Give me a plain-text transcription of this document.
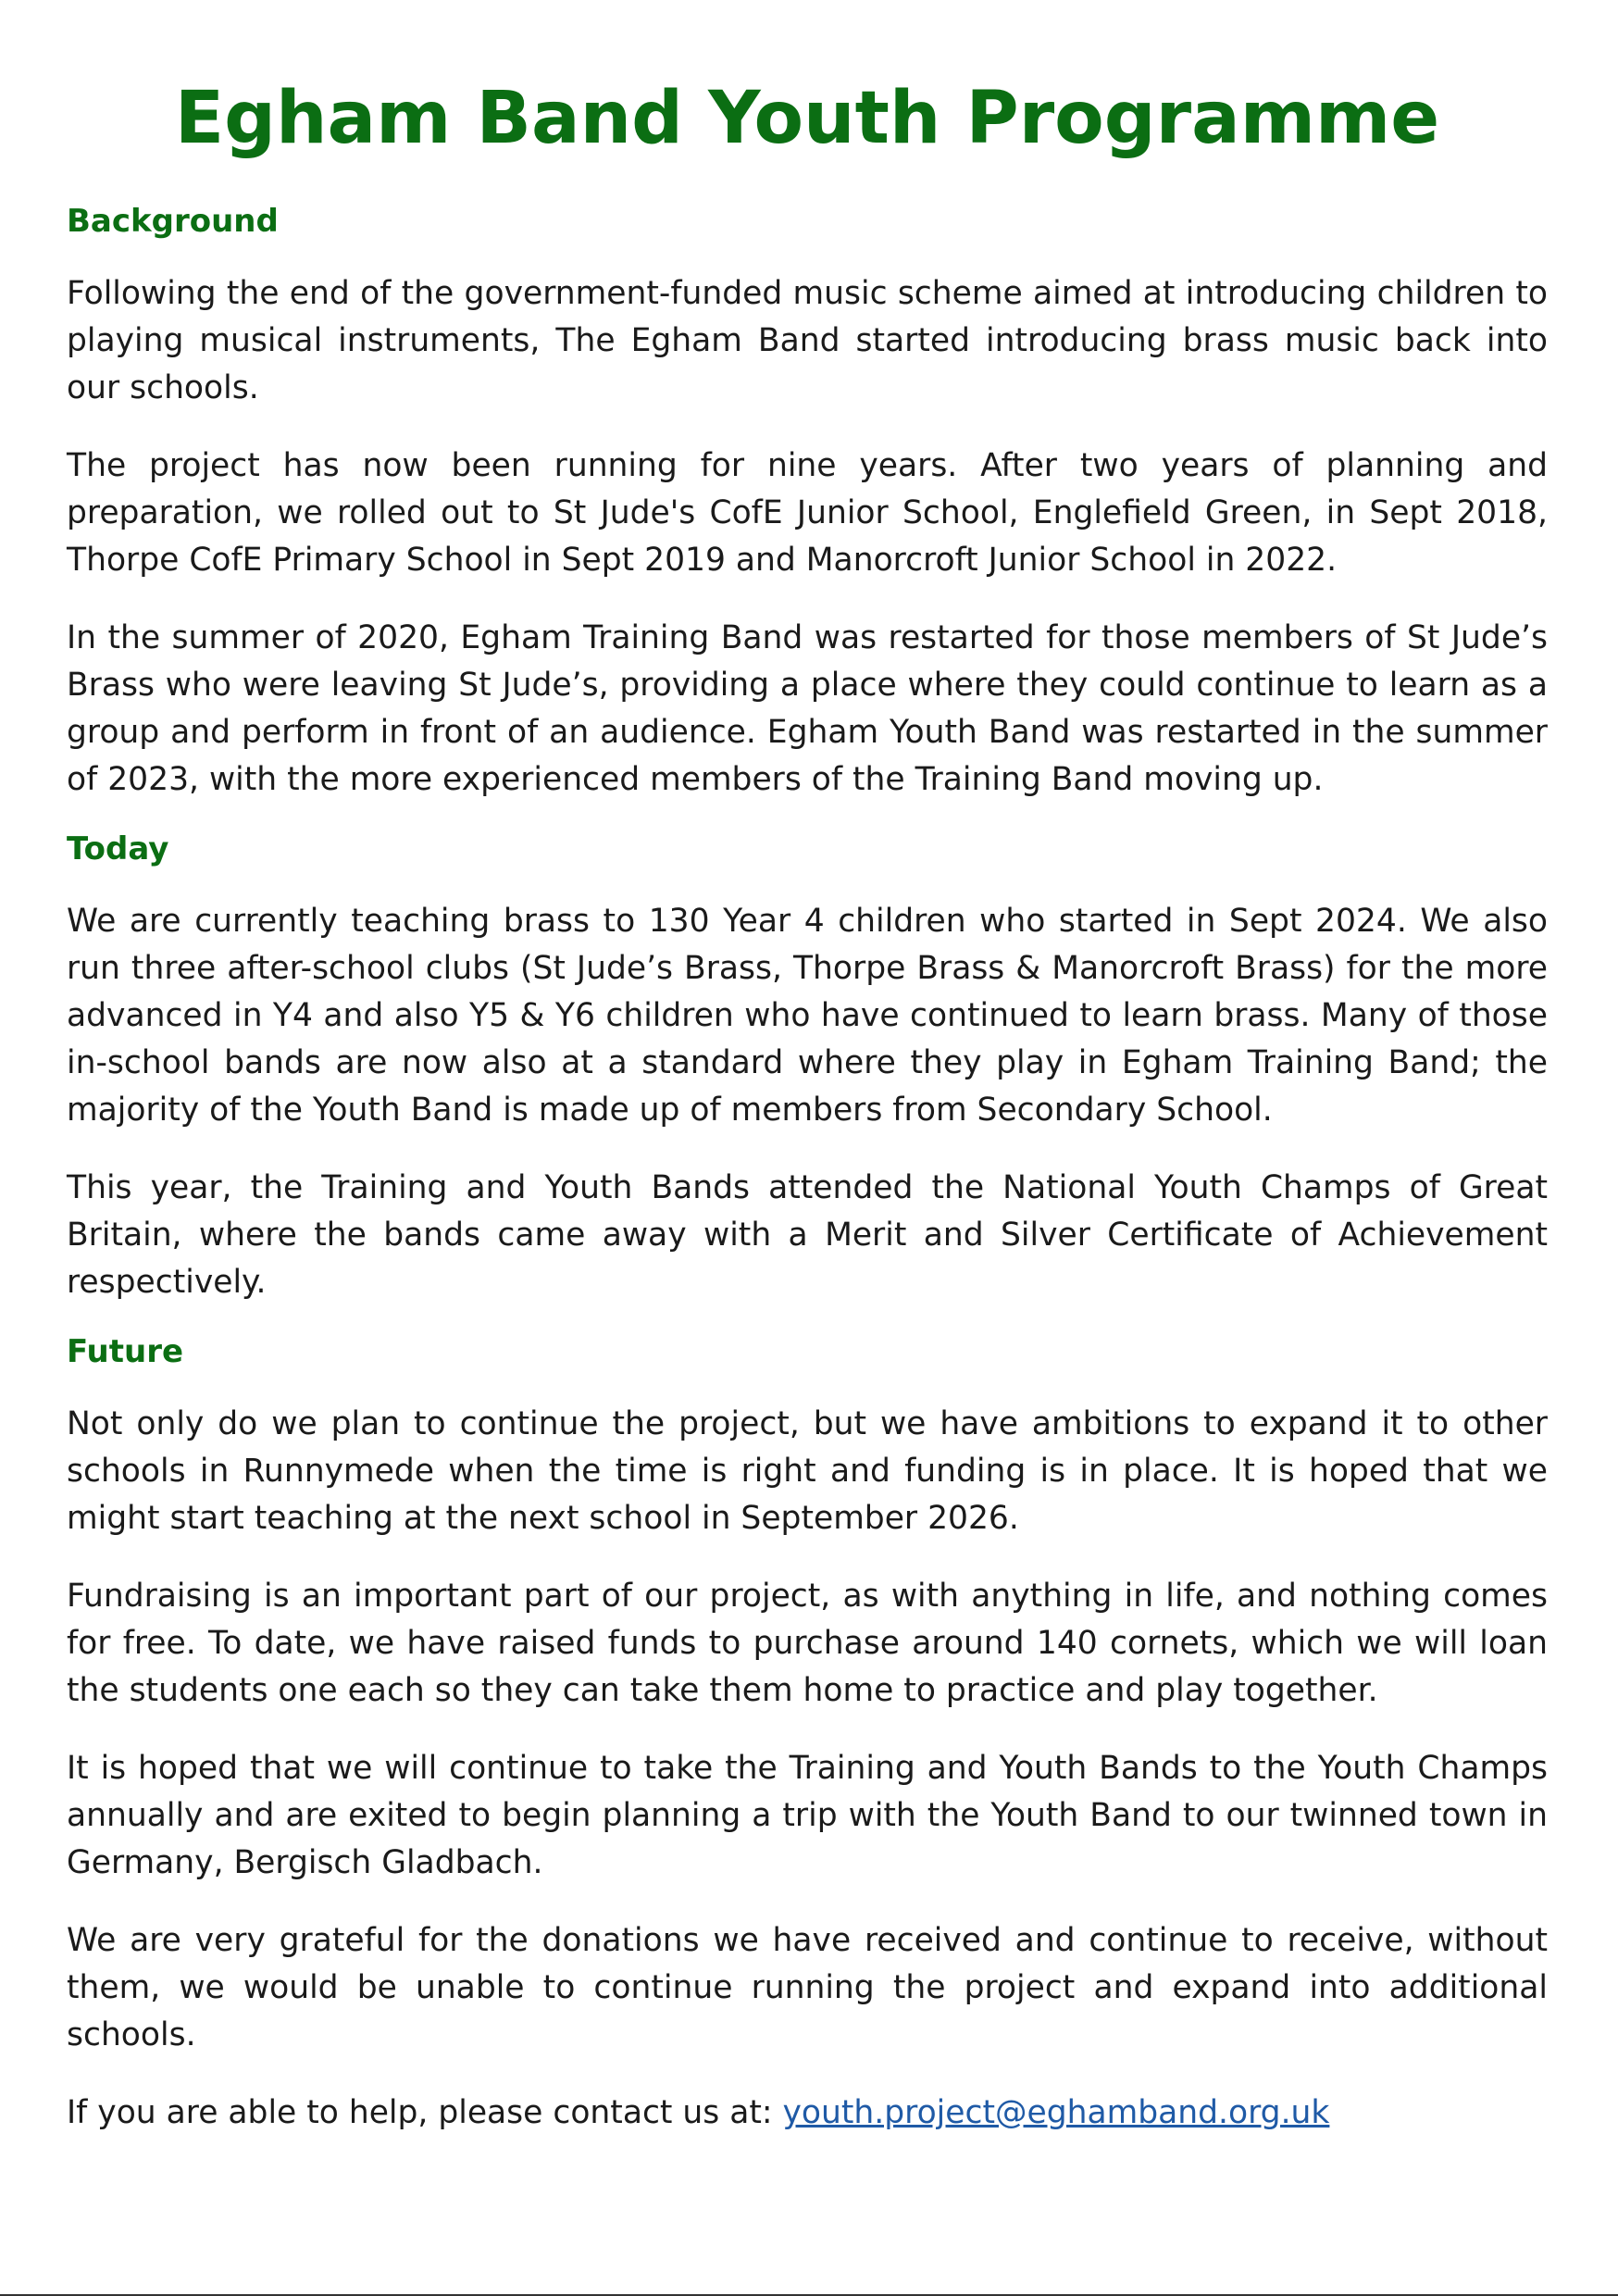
Egham Band Youth Programme
Background

Following the end of the government-funded music scheme aimed at introducing children to playing musical instruments, The Egham Band started introducing brass music back into our schools.

The project has now been running for nine years. After two years of planning and preparation, we rolled out to St Jude's CofE Junior School, Englefield Green, in Sept 2018, Thorpe CofE Primary School in Sept 2019 and Manorcroft Junior School in 2022.

In the summer of 2020, Egham Training Band was restarted for those members of St Jude’s Brass who were leaving St Jude’s, providing a place where they could continue to learn as a group and perform in front of an audience. Egham Youth Band was restarted in the summer of 2023, with the more experienced members of the Training Band moving up.

Today

We are currently teaching brass to 130 Year 4 children who started in Sept 2024. We also run three after-school clubs (St Jude’s Brass, Thorpe Brass & Manorcroft Brass) for the more advanced in Y4 and also Y5 & Y6 children who have continued to learn brass. Many of those in-school bands are now also at a standard where they play in Egham Training Band; the majority of the Youth Band is made up of members from Secondary School.

This year, the Training and Youth Bands attended the National Youth Champs of Great Britain, where the bands came away with a Merit and Silver Certificate of Achievement respectively.

Future

Not only do we plan to continue the project, but we have ambitions to expand it to other schools in Runnymede when the time is right and funding is in place. It is hoped that we might start teaching at the next school in September 2026.

Fundraising is an important part of our project, as with anything in life, and nothing comes for free. To date, we have raised funds to purchase around 140 cornets, which we will loan the students one each so they can take them home to practice and play together.

It is hoped that we will continue to take the Training and Youth Bands to the Youth Champs annually and are exited to begin planning a trip with the Youth Band to our twinned town in Germany, Bergisch Gladbach.

We are very grateful for the donations we have received and continue to receive, without them, we would be unable to continue running the project and expand into additional schools.

If you are able to help, please contact us at: youth.project@eghamband.org.uk
